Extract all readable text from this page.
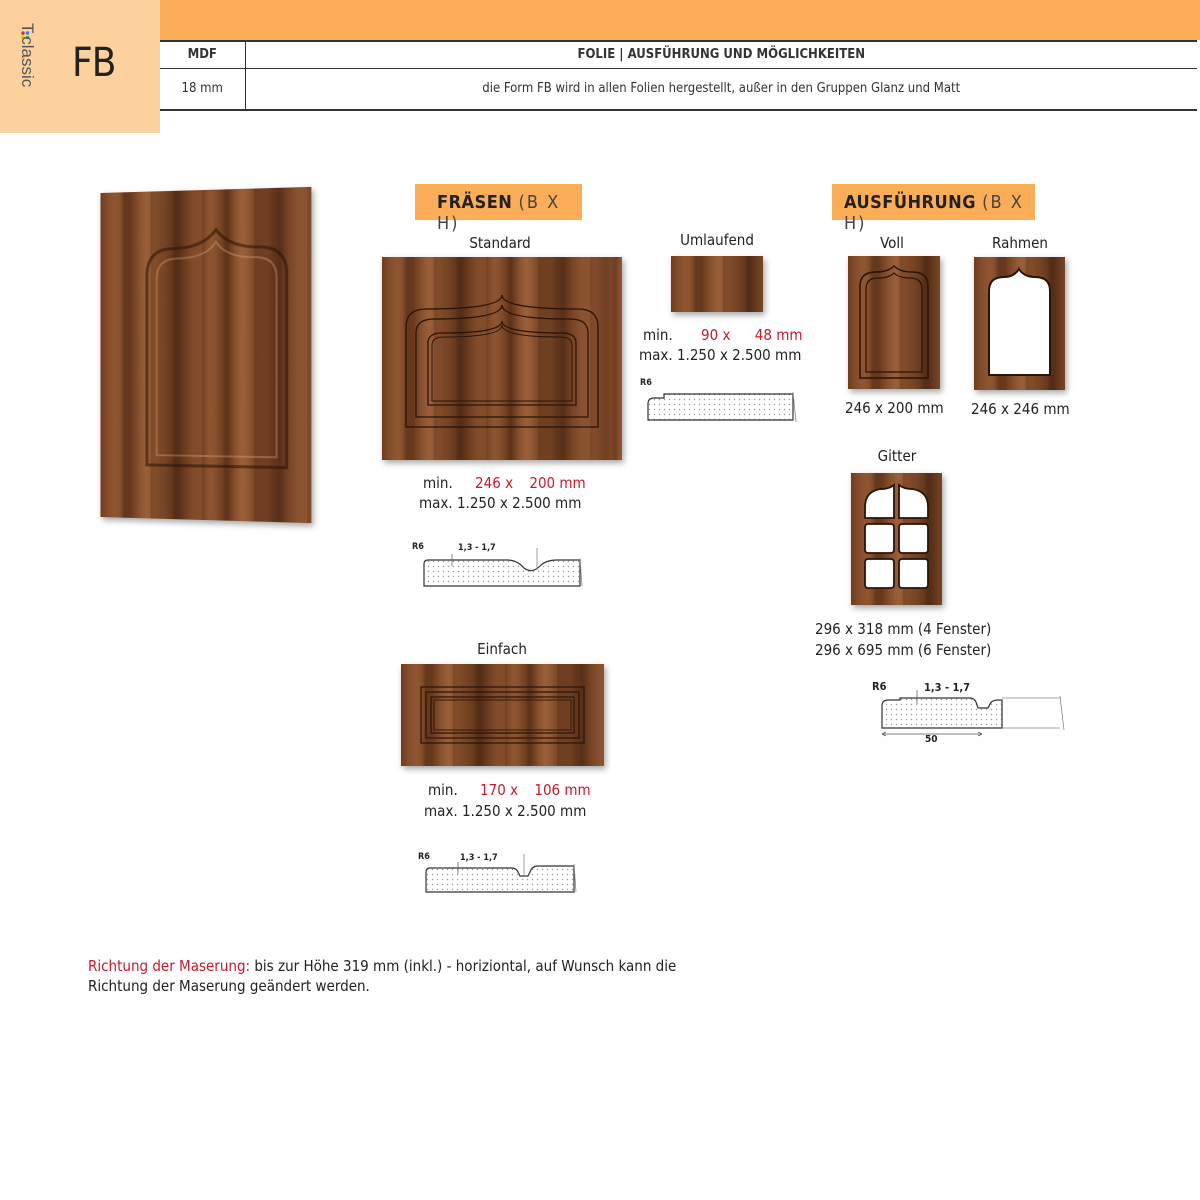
T.classic FB	MDF	FOLIE | AUSFÜHRUNG UND MÖGLICHKEITEN
18 mm	die Form FB wird in allen Folien hergestellt, außer in den Gruppen Glanz und Matt
FRÄSEN (B X H)
Standard
min. 246 x 200 mm
max. 1.250 x 2.500 mm
R6	1,3 - 1,7
Umlaufend
min. 90 x 48 mm
max. 1.250 x 2.500 mm
R6
Einfach
min. 170 x 106 mm
max. 1.250 x 2.500 mm
R6	1,3 - 1,7
AUSFÜHRUNG (B X H)
Voll
246 x 200 mm
Rahmen
246 x 246 mm
Gitter
296 x 318 mm (4 Fenster)
296 x 695 mm (6 Fenster)
R6	1,3 - 1,7
50
Richtung der Maserung: bis zur Höhe 319 mm (inkl.) - horiziontal, auf Wunsch kann die Richtung der Maserung geändert werden.
